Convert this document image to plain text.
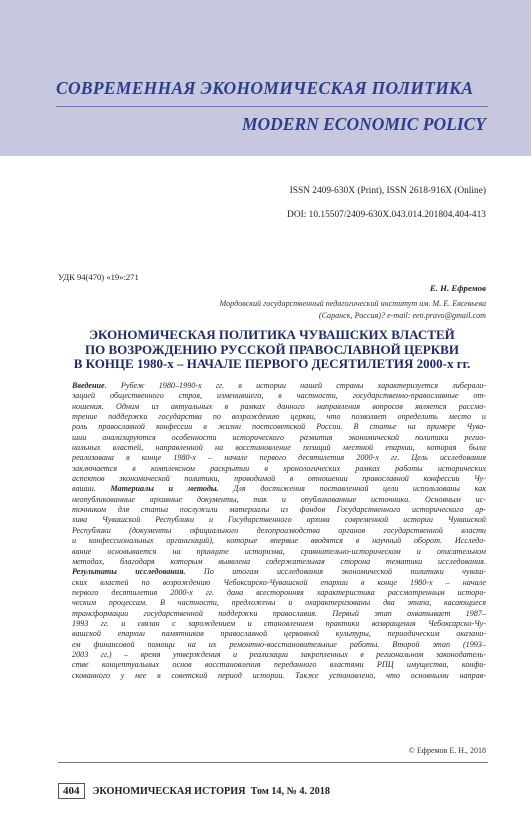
СОВРЕМЕННАЯ ЭКОНОМИЧЕСКАЯ ПОЛИТИКА
MODERN ECONOMIC POLICY
ISSN 2409-630X (Print), ISSN 2618-916X (Online)
DOI: 10.15507/2409-630X.043.014.201804.404-413
УДК 94(470) «19»:271
Е. Н. Ефремов
Мордовский государственный педагогический институт им. М. Е. Евсевьева
(Саранск, Россия)? e-mail: een.pravo@gmail.com
ЭКОНОМИЧЕСКАЯ ПОЛИТИКА ЧУВАШСКИХ ВЛАСТЕЙ
ПО ВОЗРОЖДЕНИЮ РУССКОЙ ПРАВОСЛАВНОЙ ЦЕРКВИ
В КОНЦЕ 1980-х – НАЧАЛЕ ПЕРВОГО ДЕСЯТИЛЕТИЯ 2000-х гг.
Введение. Рубеж 1980–1990-х гг. в истории нашей страны характеризуется либерали-
зацией общественного строя, изменившего, в частности, государственно-православные от-
ношения. Одним из актуальных в рамках данного направления вопросов является рассмо-
трение поддержки государства по возрождению церкви, что позволяет определить место и
роль православной конфессии в жизни постсоветской России. В статье на примере Чува-
шии анализируются особенности исторического развития экономической политики регио-
нальных властей, направленной на восстановление позиций местной епархии, которая была
реализована в конце 1980-х – начале первого десятилетия 2000-х гг. Цель исследования
заключается в комплексном раскрытии в хронологических рамках работы исторических
аспектов экономической политики, проводимой в отношении православной конфессии Чу-
вашии. Материалы и методы. Для достижения поставленной цели использованы как
неопубликованные архивные документы, так и опубликованные источники. Основным ис-
точником для статьи послужили материалы из фондов Государственного исторического ар-
хива Чувашской Республики и Государственного архива современной истории Чувашской
Республики (документы официального делопроизводства органов государственной власти
и конфессиональных организаций), которые впервые вводятся в научный оборот. Исследо-
вание основывается на принципе историзма, сравнительно-историческом и описательном
методах, благодаря которым выявлена содержательная сторона тематики исследования.
Результаты исследования. По итогам исследования экономической политики чуваш-
ских властей по возрождению Чебоксарско-Чувашской епархии в конце 1980-х – начале
первого десятилетия 2000-х гг. дана всесторонняя характеристика рассмотренным истори-
ческим процессам. В частности, предложены и охарактеризованы два этапа, касающиеся
трансформации государственной поддержки православия. Первый этап охватывает 1987–
1993 гг. и связан с зарождением и становлением практики возвращения Чебоксарско-Чу-
вашской епархии памятников православной церковной культуры, периодическим оказани-
ем финансовой помощи на их ремонтно-восстановительные работы. Второй этап (1993–
2003 гг.) – время утверждения и реализации закрепленных в региональном законодатель-
стве концептуальных основ восстановления переданного властями РПЦ имущества, конфи-
скованного у нее в советский период истории. Также установлено, что основными направ-
© Ефремов Е. Н., 2018
404	ЭКОНОМИЧЕСКАЯ ИСТОРИЯ
Том 14, № 4. 2018
